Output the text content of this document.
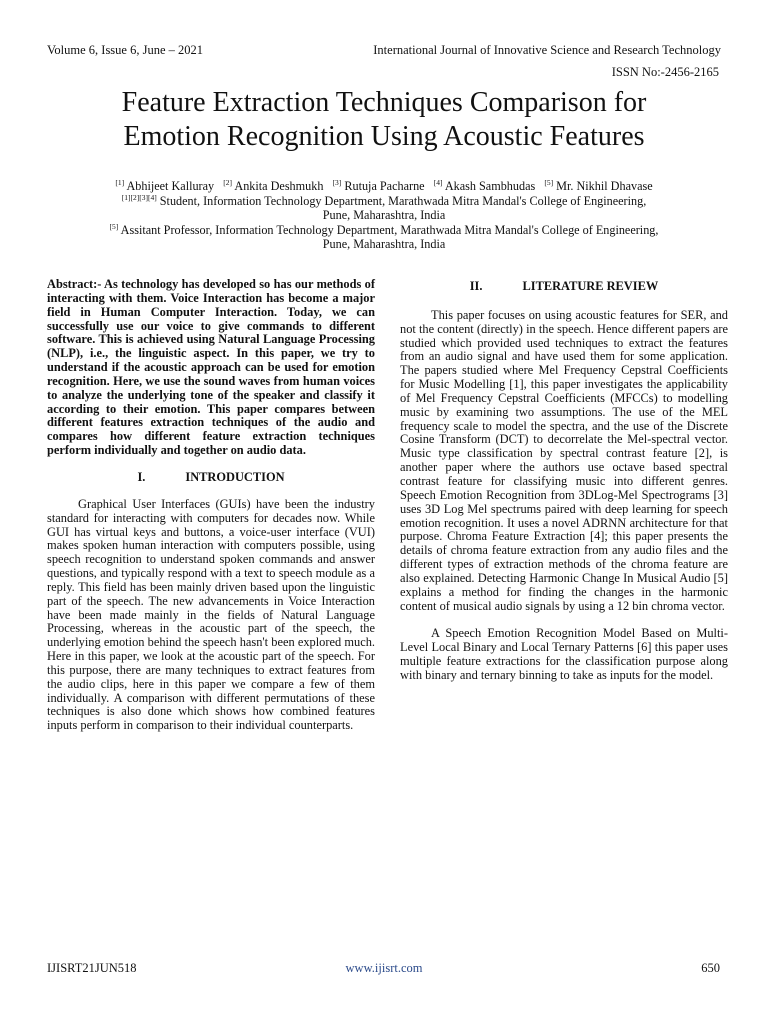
Volume 6, Issue 6, June – 2021	International Journal of Innovative Science and Research Technology
ISSN No:-2456-2165
Feature Extraction Techniques Comparison for
Emotion Recognition Using Acoustic Features
[1] Abhijeet Kalluray [2] Ankita Deshmukh [3] Rutuja Pacharne [4] Akash Sambhudas [5] Mr. Nikhil Dhavase
[1][2][3][4] Student, Information Technology Department, Marathwada Mitra Mandal's College of Engineering,
Pune, Maharashtra, India
[5] Assitant Professor, Information Technology Department, Marathwada Mitra Mandal's College of Engineering,
Pune, Maharashtra, India

Abstract:- As technology has developed so has our methods of interacting with them. Voice Interaction has become a major field in Human Computer Interaction. Today, we can successfully use our voice to give commands to different software. This is achieved using Natural Language Processing (NLP), i.e., the linguistic aspect. In this paper, we try to understand if the acoustic approach can be used for emotion recognition. Here, we use the sound waves from human voices to analyze the underlying tone of the speaker and classify it according to their emotion. This paper compares between different features extraction techniques of the audio and compares how different feature extraction techniques perform individually and together on audio data.

I.	INTRODUCTION

Graphical User Interfaces (GUIs) have been the industry standard for interacting with computers for decades now. While GUI has virtual keys and buttons, a voice-user interface (VUI) makes spoken human interaction with computers possible, using speech recognition to understand spoken commands and answer questions, and typically respond with a text to speech module as a reply. This field has been mainly driven based upon the linguistic part of the speech. The new advancements in Voice Interaction have been made mainly in the fields of Natural Language Processing, whereas in the acoustic part of the speech, the underlying emotion behind the speech hasn't been explored much. Here in this paper, we look at the acoustic part of the speech. For this purpose, there are many techniques to extract features from the audio clips, here in this paper we compare a few of them individually. A comparison with different permutations of these techniques is also done which shows how combined features inputs perform in comparison to their individual counterparts.

II.	LITERATURE REVIEW

This paper focuses on using acoustic features for SER, and not the content (directly) in the speech. Hence different papers are studied which provided used techniques to extract the features from an audio signal and have used them for some application. The papers studied where Mel Frequency Cepstral Coefficients for Music Modelling [1], this paper investigates the applicability of Mel Frequency Cepstral Coefficients (MFCCs) to modelling music by examining two assumptions. The use of the MEL frequency scale to model the spectra, and the use of the Discrete Cosine Transform (DCT) to decorrelate the Mel-spectral vector. Music type classification by spectral contrast feature [2], is another paper where the authors use octave based spectral contrast feature for classifying music into different genres. Speech Emotion Recognition from 3DLog-Mel Spectrograms [3] uses 3D Log Mel spectrums paired with deep learning for speech emotion recognition. It uses a novel ADRNN architecture for that purpose. Chroma Feature Extraction [4]; this paper presents the details of chroma feature extraction from any audio files and the different types of extraction methods of the chroma feature are also explained. Detecting Harmonic Change In Musical Audio [5] explains a method for finding the changes in the harmonic content of musical audio signals by using a 12 bin chroma vector.

A Speech Emotion Recognition Model Based on Multi-Level Local Binary and Local Ternary Patterns [6] this paper uses multiple feature extractions for the classification purpose along with binary and ternary binning to take as inputs for the model.

IJISRT21JUN518	www.ijisrt.com	650
